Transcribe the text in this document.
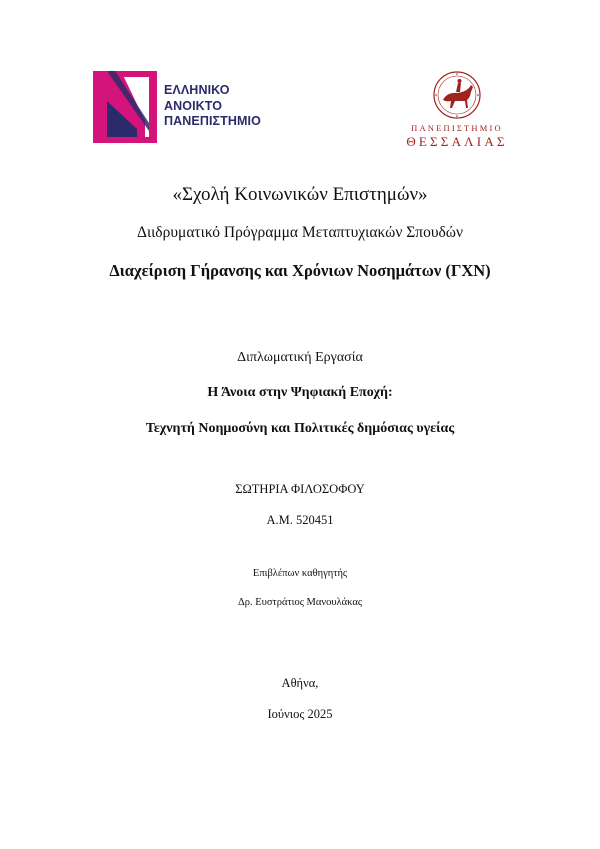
ΕΛΛΗΝΙΚΟ
ΑΝΟΙΚΤΟ
ΠΑΝΕΠΙΣΤΗΜΙΟ	ΠΑΝΕΠΙΣΤΗΜΙΟ
ΘΕΣΣΑΛΙΑΣ
«Σχολή Κοινωνικών Επιστημών»
Διιδρυματικό Πρόγραμμα Μεταπτυχιακών Σπουδών
Διαχείριση Γήρανσης και Χρόνιων Νοσημάτων (ΓΧΝ)
Διπλωματική Εργασία
Η Άνοια στην Ψηφιακή Εποχή:
Τεχνητή Νοημοσύνη και Πολιτικές δημόσιας υγείας
ΣΩΤΗΡΙΑ ΦΙΛΟΣΟΦΟΥ
Α.Μ. 520451
Επιβλέπων καθηγητής
Δρ. Ευστράτιος Μανουλάκας
Αθήνα,
Ιούνιος 2025
